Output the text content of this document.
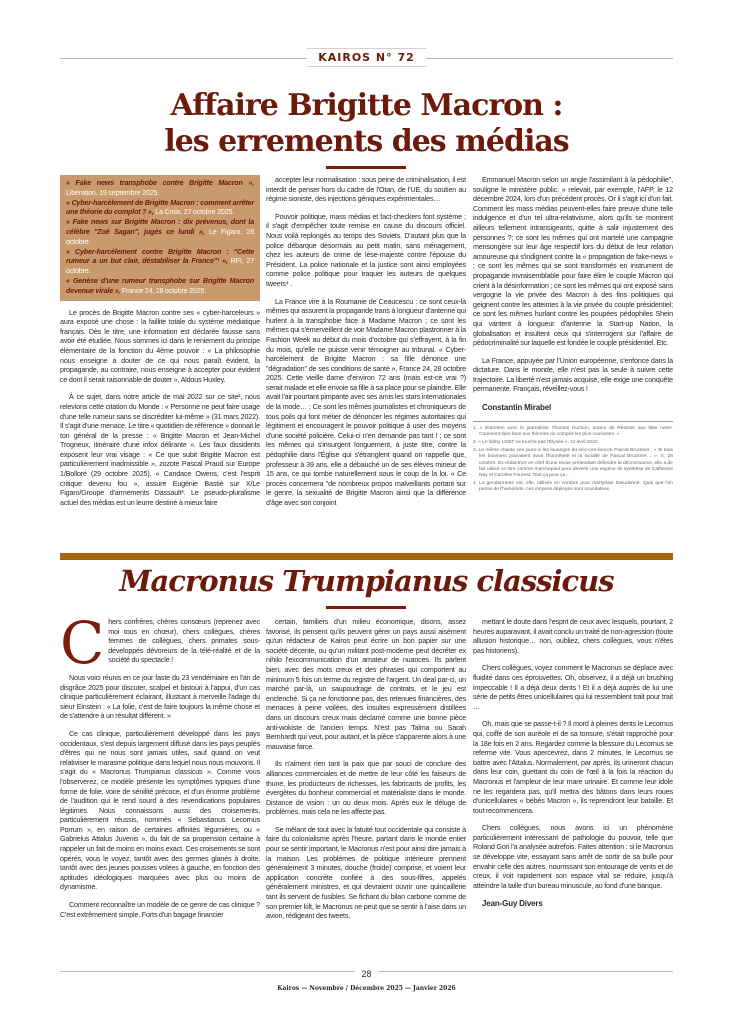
KAIROS N° 72
Affaire Brigitte Macron :
les errements des médias
« Fake news transphobe contre Brigitte Macron », Libération, 19 septembre 2025.
« Cyber-harcèlement de Brigitte Macron : comment arrêter une théorie du complot ? », La Croix, 27 octobre 2025.
« Fake news sur Brigitte Macron : dix prévenus, dont la célèbre "Zoé Sagan", jugés ce lundi », Le Figaro, 28 octobre.
« Cyber-harcèlement contre Brigitte Macron : "Cette rumeur a un but clair, déstabiliser la France"¹ », RFI, 27 octobre.
« Genèse d'une rumeur transphobe sur Brigitte Macron devenue virale », France 24, 28 octobre 2025.

Le procès de Brigitte Macron contre ses « cyber-harceleurs » aura exposé une chose : la faillite totale du système médiatique français. Dès le titre, une information est déclarée fausse sans avoir été étudiée. Nous sommes ici dans le reniement du principe élémentaire de la fonction du 4ème pouvoir : « La philosophie nous enseigne à douter de ce qui nous paraît évident, la propagande, au contraire, nous enseigne à accepter pour évident ce dont il serait raisonnable de douter », Aldous Huxley.

À ce sujet, dans notre article de mai 2022 sur ce site², nous relevions cette citation du Monde : « Personne ne peut faire usage d'une telle rumeur sans se discréditer lui-même » (31 mars 2022). Il s'agit d'une menace. Le titre « quotidien de référence » donnait le ton général de la presse : « Brigitte Macron et Jean-Michel Trogneux, itinéraire d'une infox délirante ». Les faux dissidents exposent leur vrai visage : « Ce que subit Brigitte Macron est particulièrement inadmissible », zozote Pascal Praud sur Europe 1/Bolloré (29 octobre 2025). « Candace Owens, c'est l'esprit critique devenu fou », assure Eugénie Bastié sur X/Le Figaro/Groupe d'armements Dassault³. Le pseudo-pluralisme actuel des médias est un leurre destiné à mieux faire

accepter leur normalisation : sous peine de criminalisation, il est interdit de penser hors du cadre de l'Otan, de l'UE, du soutien au régime sioniste, des injections géniques expérimentales…

Pouvoir politique, mass médias et fact-checkers font système ; il s'agit d'empêcher toute remise en cause du discours officiel. Nous voilà replongés au temps des Soviets. D'autant plus que la police débarque désormais au petit matin, sans ménagement, chez les auteurs de crime de lèse-majesté contre l'épouse du Président. La police nationale et la justice sont ainsi employées comme police politique pour traquer les auteurs de quelques tweets⁴ .

La France vire à la Roumanie de Ceaucescu : ce sont ceux-là mêmes qui assurent la propagande trans à longueur d'antenne qui hurlent à la transphobie face à Madame Macron ; ce sont les mêmes qui s'émerveillent de voir Madame Macron plastronner à la Fashion Week au début du mois d'octobre qui s'effrayent, à la fin du mois, qu'elle ne puisse venir témoigner au tribunal. « Cyber-harcèlement de Brigitte Macron : sa fille dénonce une "dégradation" de ses conditions de santé », France 24, 28 octobre 2025. Cette vieille dame d'environ 72 ans (mais est-ce vrai ?) serait malade et elle envoie sa fille à sa place pour se plaindre. Elle avait l'air pourtant pimpante avec ses amis les stars internationales de la mode… ; Ce sont les mêmes journalistes et chroniqueurs de tous poils qui font métier de dénoncer les régimes autoritaires qui légitiment et encouragent le pouvoir politique à user des moyens d'une société policière. Celui-ci n'en demande pas tant ! ; ce sont les mêmes qui s'insurgent longuement, à juste titre, contre la pédophilie dans l'Église qui s'étranglent quand on rappelle que, professeur à 39 ans, elle a débauché un de ses élèves mineur de 15 ans, ce qui tombe naturellement sous le coup de la loi. « Ce procès concernera "de nombreux propos malveillants portant sur le genre, la sexualité de Brigitte Macron ainsi que la différence d'âge avec son conjoint

Emmanuel Macron selon un angle l'assimilant à la pédophilie", souligne le ministère public. » relevait, par exemple, l'AFP, le 12 décembre 2024, lors d'un précédent procès. Or il s'agit ici d'un fait. Comment les mass médias peuvent-elles faire preuve d'une telle indulgence et d'un tel ultra-relativisme, alors qu'ils se montrent ailleurs tellement intransigeants, quitte à salir injustement des personnes ?; ce sont les mêmes qui ont martelé une campagne mensongère sur leur âge respectif lors du début de leur relation amoureuse qui s'indignent contre la « propagation de fake-news » ; ce sont les mêmes qui se sont transformés en instrument de propagande invraisemblable pour faire élire le couple Macron qui crient à la désinformation ; ce sont les mêmes qui ont exposé sans vergogne la vie privée des Macron à des fins politiques qui geignent contre les atteintes à la vie privée du couple présidentiel; ce sont les mêmes hurlant contre les poupées pédophiles Shein qui vantent à longueur d'antenne la Start-up Nation, la globalisation et insultent ceux qui s'interrogent sur l'affaire de pédocriminalité sur laquelle est fondée le couple présidentiel. Etc.

La France, appuyée par l'Union européenne, s'enfonce dans la dictature. Dans le monde, elle n'est pas la seule à suivre cette trajectoire. La liberté n'est jamais acquise, elle exige une conquête permanente. Français, réveillez-vous !

Constantin Mirabel
1. « Entretien avec le journaliste Thomas Huchon, auteur de Résister aux fake news. Comment faire face aux théories du complot les plus courantes. »
2. « Le lobby LGBT ne touche pas l'Élysée », 12 avril 2022.
3. La même chante ces jours-ci les louanges du néo-con-faucon Pascal Bruckner : « Si tous les boomers pouvaient avoir l'honnêteté et la lucidité de Pascal Bruckner… », X, 28 octobre. Ex-rédactrice en chef d'une revue prétendant défendre la décroissance, elle a de fait utilisé ce titre comme marchepied pour devenir une espèce de synthèse de Catherine Nay et Caroline Fourest. Tout ça pour ça…
4. La gendarmerie est, elle, utilisée en nombre pour martyriser Dieudonné. Quoi que l'on pense de l'humoriste, ces moyens déployés sont scandaleux.
Macronus Trumpianus classicus

Chers confrères, chères consœurs (reprenez avec moi tous en chœur), chers collègues, chères femmes de collègues, chers primates sous-développés dévoreurs de la télé-réalité et de la société du spectacle !

Nous voici réunis en ce jour faste du 23 vendémiaire en l'an de disgrâce 2025 pour discuter, scalpel et bistouri à l'appui, d'un cas clinique particulièrement éclairant, illustrant à merveille l'adage du sieur Einstein : « La folie, c'est de faire toujours la même chose et de s'attendre à un résultat différent. »

Ce cas clinique, particulièrement développé dans les pays occidentaux, s'est depuis largement diffusé dans les pays peuplés d'êtres qui ne nous sont jamais utiles, sauf quand on veut relativiser le marasme politique dans lequel nous nous mouvons. Il s'agit du « Macronus Trumpianus classicus ». Comme vous l'observerez, ce modèle présente les symptômes typiques d'une forme de folie, voire de sénilité précoce, et d'un énorme problème de l'audition qui le rend sourd à des revendications populaires légitimes. Nous connaissons aussi des croisements, particulièrement réussis, nommés « Sebastianus Lecornus Porrum », en raison de certaines affinités légumières, ou « Gabrielus Attalus Juvenis », du fait de sa propension certaine à rappeler un fait de moins en moins exact. Ces croisements se sont opérés, vous le voyez, tantôt avec des germes glanés à droite, tantôt avec des jeunes pousses volées à gauche, en fonction des aptitudes idéologiques marquées avec plus ou moins de dynamisme.

Comment reconnaître un modèle de ce genre de cas clinique ? C'est extrêmement simple. Forts d'un bagage financier

certain, familiers d'un milieu économique, disons, assez favorisé, ils pensent qu'ils peuvent gérer un pays aussi aisément qu'un rédacteur de Kairos peut écrire un bon papier sur une société décente, ou qu'un militant post-moderne peut décréter ex nihilo l'excommunication d'un amateur de nuances. Ils parlent bien, avec des mots creux et des phrases qui comportent au minimum 5 fois un terme du registre de l'argent. Un deal par-ci, un marché par-là, un saupoudrage de contrats, et le jeu est enclenché. Si ça ne fonctionne pas, des retenues financières, des menaces à peine voilées, des insultes expressément distillées dans un discours creux mais déclamé comme une bonne pièce anti-wokiste de l'ancien temps. N'est pas Talma ou Sarah Bernhardt qui veut, pour autant, et la pièce s'apparente alors à une mauvaise farce.

Ils n'aiment rien tant la paix que par souci de conclure des alliances commerciales et de mettre de leur côté les faiseurs de thune, les producteurs de richesses, les fabricants de profits, les évergètes du bonheur commercial et matérialiste dans le monde. Distance de vision : un ou deux mois. Après eux le déluge de problèmes, mais cela ne les affecte pas.

Se mêlant de tout avec la fatuité tout occidentale qui consiste à faire du colonialisme après l'heure, partant dans le monde entier pour se sentir important, le Macronus n'est pour ainsi dire jamais à la maison. Les problèmes de politique intérieure prennent généralement 3 minutes, douche (froide) comprise, et voient leur application concrète confiée à des sous-fifres, appelés généralement ministres, et qui devraient ouvrir une quincaillerie tant ils servent de fusibles. Se fichant du bilan carbone comme de son premier kilt, le Macronus ne peut que se sentir à l'aise dans un avion, rédigeant des tweets,

mettant le doute dans l'esprit de ceux avec lesquels, pourtant, 2 heures auparavant, il avait conclu un traité de non-agression (toute allusion historique… non, oubliez, chers collègues, vous n'êtes pas historiens).

Chers collègues, voyez comment le Macronus se déplace avec fluidité dans ces éprouvettes. Oh, observez, il a déjà un brushing impeccable ! Il a déjà deux dents ! Et il a déjà auprès de lui une série de petits êtres unicellulaires qui lui ressemblent trait pour trait …

Oh, mais que se passe-t-il ? Il mord à pleines dents le Lecornus qui, coiffé de son auréole et de sa tonsure, s'était rapproché pour la 18e fois en 2 ans. Regardez comme la blessure du Lecornus se referme vite. Vous apercevrez, dans 2 minutes, le Lecornus se battre avec l'Attalus. Normalement, par après, ils urineront chacun dans leur coin, guettant du coin de l'œil à la fois la réaction du Macronus et l'ampleur de leur mare urinaire. Et comme leur idole ne les regardera pas, qu'il mettra des bâtons dans leurs roues d'unicellulaires « bébés Macron », ils reprendront leur bataille. Et tout recommencera.

Chers collègues, nous avons ici un phénomène particulièrement intéressant de pathologie du pouvoir, telle que Roland Gori l'a analysée autrefois. Faites attention : si le Macronus se développe vite, essayant sans arrêt de sortir de sa bulle pour envahir celle des autres, nourrissant son entourage de vents et de creux, il voit rapidement son espace vital se réduire, jusqu'à atteindre la taille d'un bureau minuscule, au fond d'une banque.

Jean-Guy Divers
28
Kairos — Novembre / Décembre 2025 — Janvier 2026
